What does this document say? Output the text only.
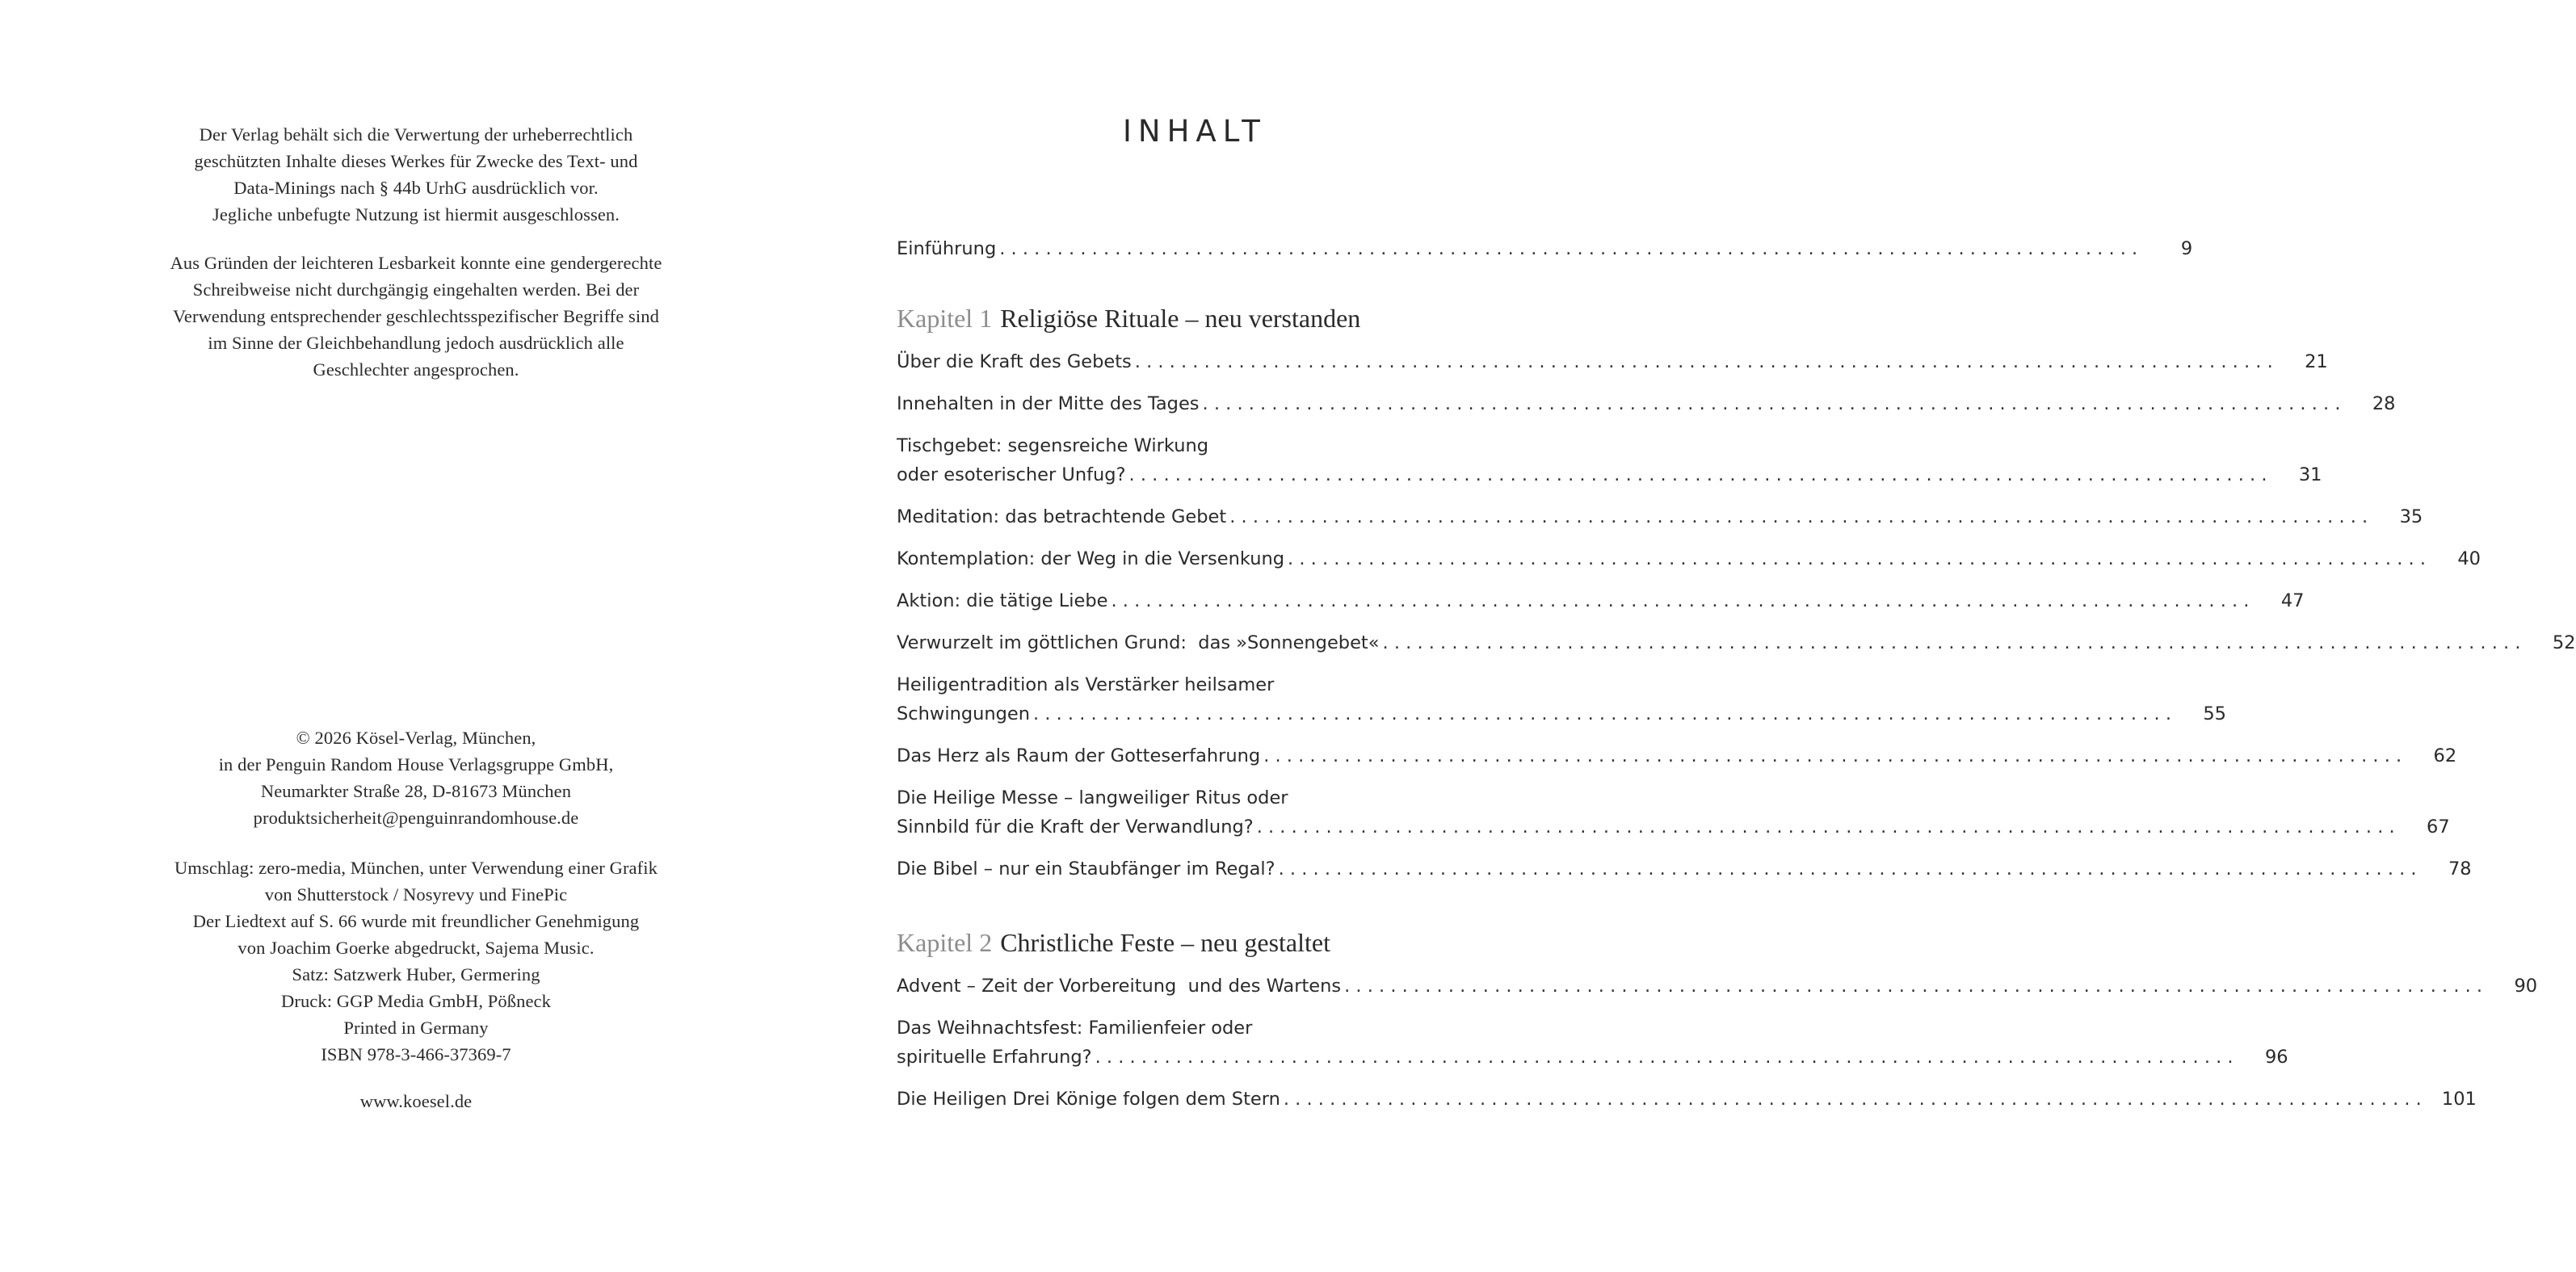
Der Verlag behält sich die Verwertung der urheberrechtlich

geschützten Inhalte dieses Werkes für Zwecke des Text- und

Data-Minings nach § 44b UrhG ausdrücklich vor.

Jegliche unbefugte Nutzung ist hiermit ausgeschlossen.

Aus Gründen der leichteren Lesbarkeit konnte eine gendergerechte

Schreibweise nicht durchgängig eingehalten werden. Bei der

Verwendung entsprechender geschlechtsspezifischer Begriffe sind

im Sinne der Gleichbehandlung jedoch ausdrücklich alle

Geschlechter angesprochen.

© 2026 Kösel-Verlag, München,

in der Penguin Random House Verlagsgruppe GmbH,

Neumarkter Straße 28, D-81673 München

produktsicherheit@penguinrandomhouse.de

Umschlag: zero-media, München, unter Verwendung einer Grafik

von Shutterstock / Nosyrevy und FinePic

Der Liedtext auf S. 66 wurde mit freundlicher Genehmigung

von Joachim Goerke abgedruckt, Sajema Music.

Satz: Satzwerk Huber, Germering

Druck: GGP Media GmbH, Pößneck

Printed in Germany

ISBN 978-3-466-37369-7

www.koesel.de

INHALT
Einführung . . .	9
Kapitel 1 Religiöse Rituale – neu verstanden
Über die Kraft des Gebets . . .	21
Innehalten in der Mitte des Tages . . .	28
Tischgebet: segensreiche Wirkung
oder esoterischer Unfug? . . .	31
Meditation: das betrachtende Gebet . . .	35
Kontemplation: der Weg in die Versenkung . . .	40
Aktion: die tätige Liebe . . .	47
Verwurzelt im göttlichen Grund:  das »Sonnengebet« . . .	52
Heiligentradition als Verstärker heilsamer
Schwingungen . . .	55
Das Herz als Raum der Gotteserfahrung . . .	62
Die Heilige Messe – langweiliger Ritus oder
Sinnbild für die Kraft der Verwandlung? . . .	67
Die Bibel – nur ein Staubfänger im Regal? . . .	78
Kapitel 2 Christliche Feste – neu gestaltet
Advent – Zeit der Vorbereitung  und des Wartens . . .	90
Das Weihnachtsfest: Familienfeier oder
spirituelle Erfahrung? . . .	96
Die Heiligen Drei Könige folgen dem Stern . . .	101
